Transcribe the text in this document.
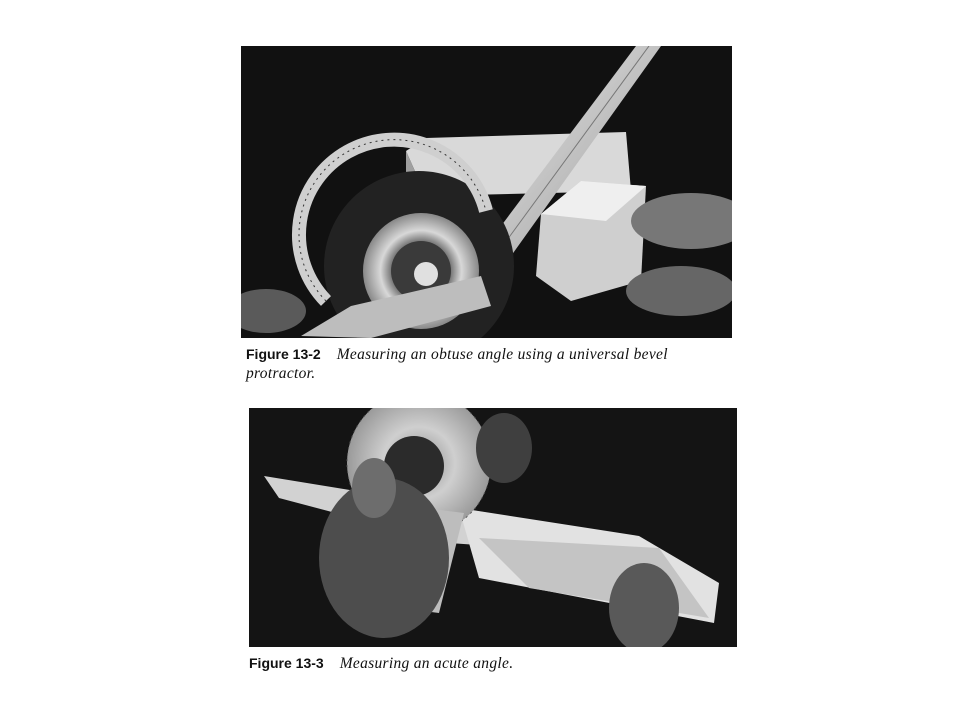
Figure 13-2 Measuring an obtuse angle using a universal bevel protractor.
Figure 13-3 Measuring an acute angle.
